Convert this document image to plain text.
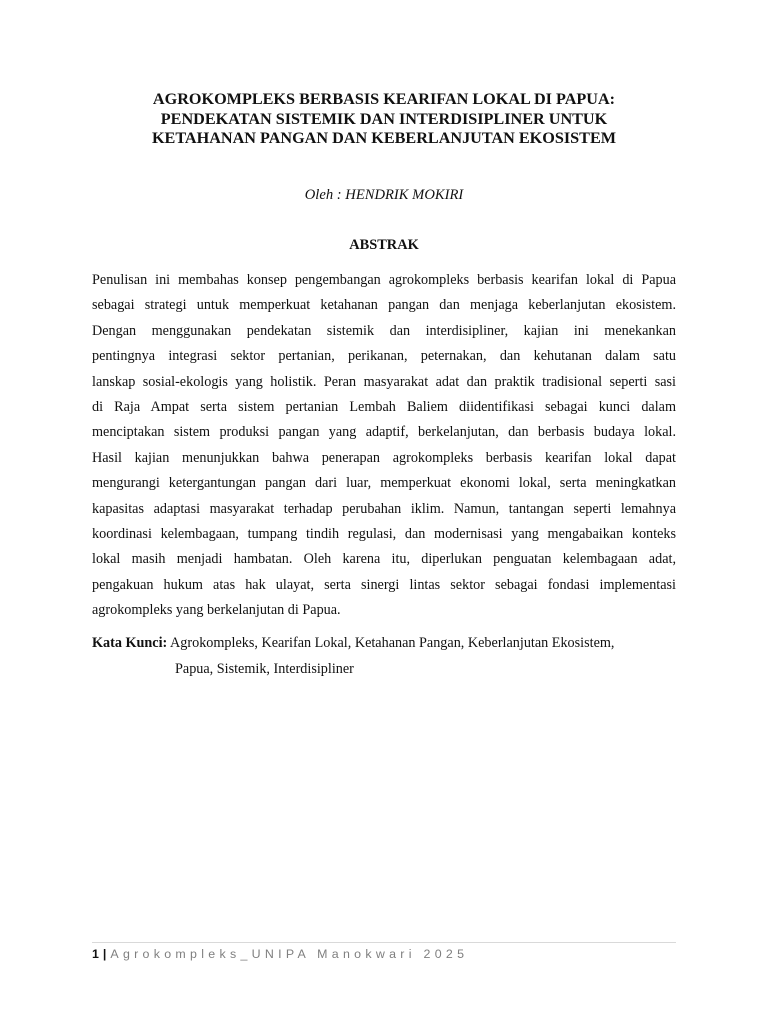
AGROKOMPLEKS BERBASIS KEARIFAN LOKAL DI PAPUA:
PENDEKATAN SISTEMIK DAN INTERDISIPLINER UNTUK
KETAHANAN PANGAN DAN KEBERLANJUTAN EKOSISTEM

Oleh : HENDRIK MOKIRI

ABSTRAK
Penulisan ini membahas konsep pengembangan agrokompleks berbasis kearifan lokal di Papua
sebagai strategi untuk memperkuat ketahanan pangan dan menjaga keberlanjutan ekosistem.
Dengan menggunakan pendekatan sistemik dan interdisipliner, kajian ini menekankan
pentingnya integrasi sektor pertanian, perikanan, peternakan, dan kehutanan dalam satu
lanskap sosial-ekologis yang holistik. Peran masyarakat adat dan praktik tradisional seperti sasi
di Raja Ampat serta sistem pertanian Lembah Baliem diidentifikasi sebagai kunci dalam
menciptakan sistem produksi pangan yang adaptif, berkelanjutan, dan berbasis budaya lokal.
Hasil kajian menunjukkan bahwa penerapan agrokompleks berbasis kearifan lokal dapat
mengurangi ketergantungan pangan dari luar, memperkuat ekonomi lokal, serta meningkatkan
kapasitas adaptasi masyarakat terhadap perubahan iklim. Namun, tantangan seperti lemahnya
koordinasi kelembagaan, tumpang tindih regulasi, dan modernisasi yang mengabaikan konteks
lokal masih menjadi hambatan. Oleh karena itu, diperlukan penguatan kelembagaan adat,
pengakuan hukum atas hak ulayat, serta sinergi lintas sektor sebagai fondasi implementasi
agrokompleks yang berkelanjutan di Papua.
Kata Kunci: Agrokompleks, Kearifan Lokal, Ketahanan Pangan, Keberlanjutan Ekosistem,
Papua, Sistemik, Interdisipliner
1 | Agrokompleks_UNIPA Manokwari 2025
